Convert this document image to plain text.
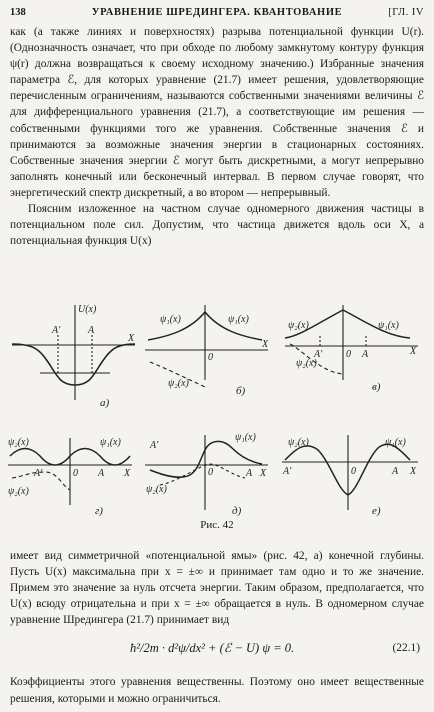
138	УРАВНЕНИЕ ШРЕДИНГЕРА. КВАНТОВАНИЕ	[ГЛ. IV

как (а также линиях и поверхностях) разрыва потенциальной функции U(r). (Однозначность означает, что при обходе по любому замкнутому контуру функция ψ(r) должна возвращаться к своему исходному значению.) Избранные значения параметра ℰ, для которых уравнение (21.7) имеет решения, удовлетворяющие перечисленным ограничениям, называются собственными значениями величины ℰ для дифференциального уравнения (21.7), а соответствующие им решения — собственными функциями того же уравнения. Собственные значения ℰ и принимаются за возможные значения энергии в стационарных состояниях. Собственные значения энергии ℰ могут быть дискретными, а могут непрерывно заполнять конечный или бесконечный интервал. В первом случае говорят, что энергетический спектр дискретный, а во втором — непрерывный.

Поясним изложенное на частном случае одномерного движения частицы в потенциальном поле сил. Допустим, что частица движется вдоль оси X, а потенциальная функция U(x)

U(x)
X
A'	A
а)
ψ₁(x)	ψ₁(x)
0
X
ψ₂(x)
б)
ψ₂(x)	ψ₁(x)
0 A
A'	X
ψ₂(x)
в)
ψ₂(x)	ψ₁(x)
ψ₂(x)
A'	0 A X
г)
A'
ψ₁(x)
0	A X
ψ₂(x)
д)
ψ₂(x)	ψ₁(x)
A'	0	A X
е)
Рис. 42

имеет вид симметричной «потенциальной ямы» (рис. 42, а) конечной глубины. Пусть U(x) максимальна при x = ±∞ и принимает там одно и то же значение. Примем это значение за нуль отсчета энергии. Таким образом, предполагается, что U(x) всюду отрицательна и при x = ±∞ обращается в нуль. В одномерном случае уравнение Шредингера (21.7) принимает вид

ħ²/2m · d²ψ/dx² + (ℰ − U) ψ = 0.	(22.1)

Коэффициенты этого уравнения вещественны. Поэтому оно имеет вещественные решения, которыми и можно ограничиться.
